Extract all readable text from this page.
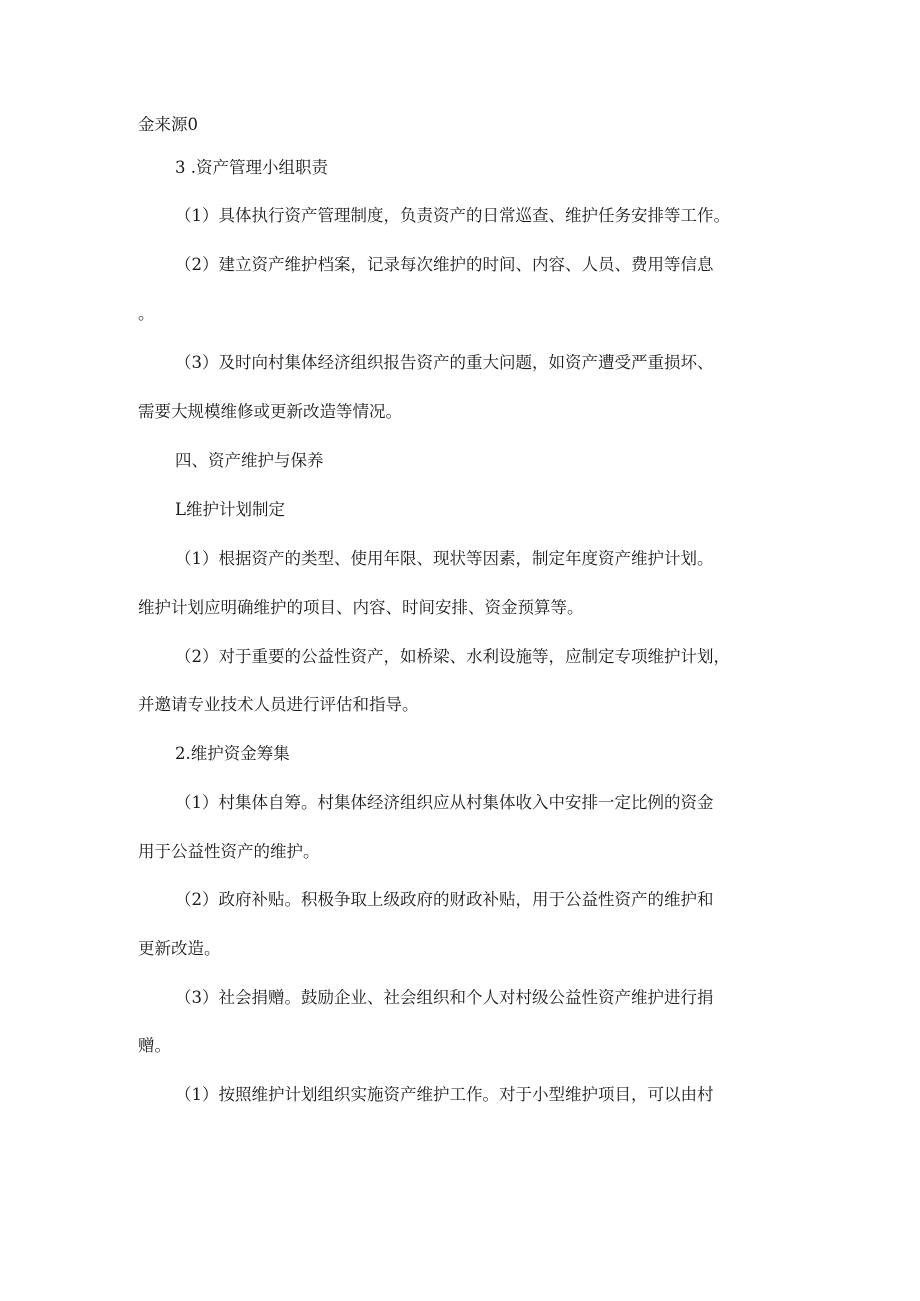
金来源0
3 .资产管理小组职责
（1）具体执行资产管理制度，负责资产的日常巡查、维护任务安排等工作。
（2）建立资产维护档案，记录每次维护的时间、内容、人员、费用等信息
。
（3）及时向村集体经济组织报告资产的重大问题，如资产遭受严重损坏、
需要大规模维修或更新改造等情况。
四、资产维护与保养
L维护计划制定
（1）根据资产的类型、使用年限、现状等因素，制定年度资产维护计划。
维护计划应明确维护的项目、内容、时间安排、资金预算等。
（2）对于重要的公益性资产，如桥梁、水利设施等，应制定专项维护计划，
并邀请专业技术人员进行评估和指导。
2.维护资金筹集
（1）村集体自筹。村集体经济组织应从村集体收入中安排一定比例的资金
用于公益性资产的维护。
（2）政府补贴。积极争取上级政府的财政补贴，用于公益性资产的维护和
更新改造。
（3）社会捐赠。鼓励企业、社会组织和个人对村级公益性资产维护进行捐
赠。
（1）按照维护计划组织实施资产维护工作。对于小型维护项目，可以由村
